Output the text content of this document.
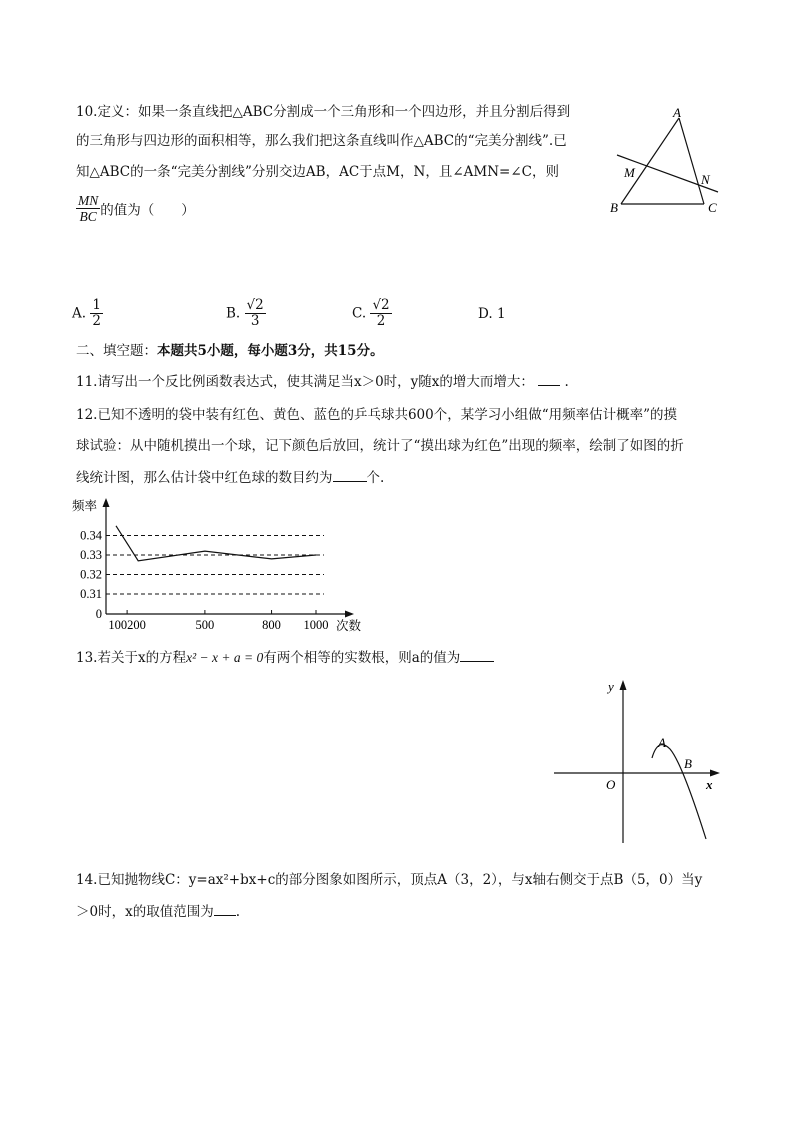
10.定义：如果一条直线把△ABC分割成一个三角形和一个四边形，并且分割后得到
的三角形与四边形的面积相等，那么我们把这条直线叫作△ABC的“完美分割线”.已
知△ABC的一条“完美分割线”分别交边AB，AC于点M，N，且∠AMN=∠C，则
$\frac{MN}{BC}$ 的值为（　　）
A
B	C
M	N
A. $\frac{1}{2}$	B. $\frac{√2}{3}$	C. $\frac{√2}{2}$	D. 1
二、填空题：本题共5小题，每小题3分，共15分。
11.请写出一个反比例函数表达式，使其满足当x＞0时，y随x的增大而增大： .
12.已知不透明的袋中装有红色、黄色、蓝色的乒乓球共600个，某学习小组做“用频率估计概率”的摸
球试验：从中随机摸出一个球，记下颜色后放回，统计了“摸出球为红色”出现的频率，绘制了如图的折
线统计图，那么估计袋中红色球的数目约为	个.
频率
次数
0.34
0.33
0.32
0.31
0
100200	500	800 1000
13.若关于x的方程x² − x + a = 0有两个相等的实数根，则a的值为
y
x
O
A
B
14.已知抛物线C：y=ax²+bx+c的部分图象如图所示，顶点A（3，2），与x轴右侧交于点B（5，0）当y
＞0时，x的取值范围为 .
